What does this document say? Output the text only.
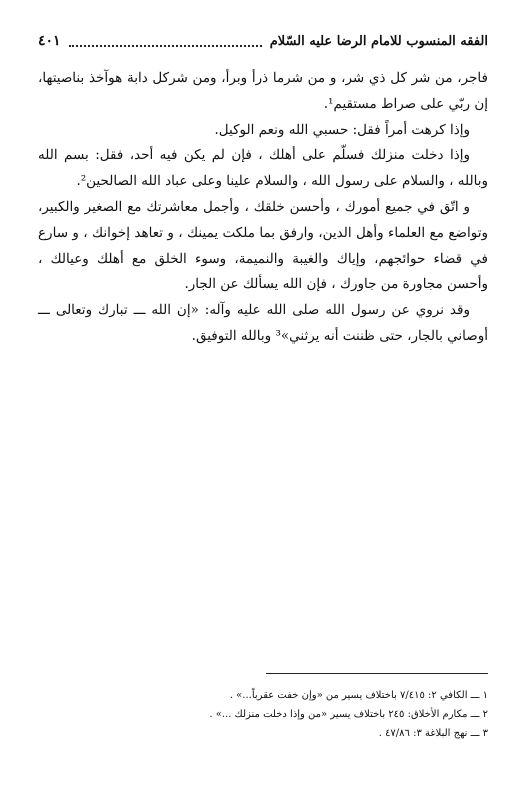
الفقه المنسوب للامام الرضا عليه السّلام
٤٠١

فاجر، من شر كل ذي شر، و من شرما ذرأ وبرأ، ومن شركل دابة هوآخذ بناصيتها، إن ربّي على صراط مستقيم¹.

وإذا كرهت أمراً فقل: حسبي الله ونعم الوكيل.

وإذا دخلت منزلك فسلّم على أهلك ، فإن لم يكن فيه أحد، فقل: بسم الله وبالله ، والسلام على رسول الله ، والسلام علينا وعلى عباد الله الصالحين².

و اتّق في جميع أمورك ، وأحسن خلقك ، وأجمل معاشرتك مع الصغير والكبير، وتواضع مع العلماء وأهل الدين، وارفق بما ملكت يمينك ، و تعاهد إخوانك ، و سارع في قضاء حوائجهم، وإياك والغيبة والنميمة، وسوء الخلق مع أهلك وعيالك ، وأحسن مجاورة من جاورك ، فإن الله يسألك عن الجار.

وقد نروي عن رسول الله صلى الله عليه وآله: «إن الله ـــ تبارك وتعالى ـــ أوصاني بالجار، حتى ظننت أنه يرثني»³ وبالله التوفيق.

١ ـــ الكافي ٢: ٧/٤١٥ باختلاف يسير من «وإن خفت عقرباً...» .

٢ ـــ مكارم الأخلاق: ٢٤٥ باختلاف يسير «من وإذا دخلت منزلك ...» .

٣ ـــ نهج البلاغة ٣: ٤٧/٨٦ .
